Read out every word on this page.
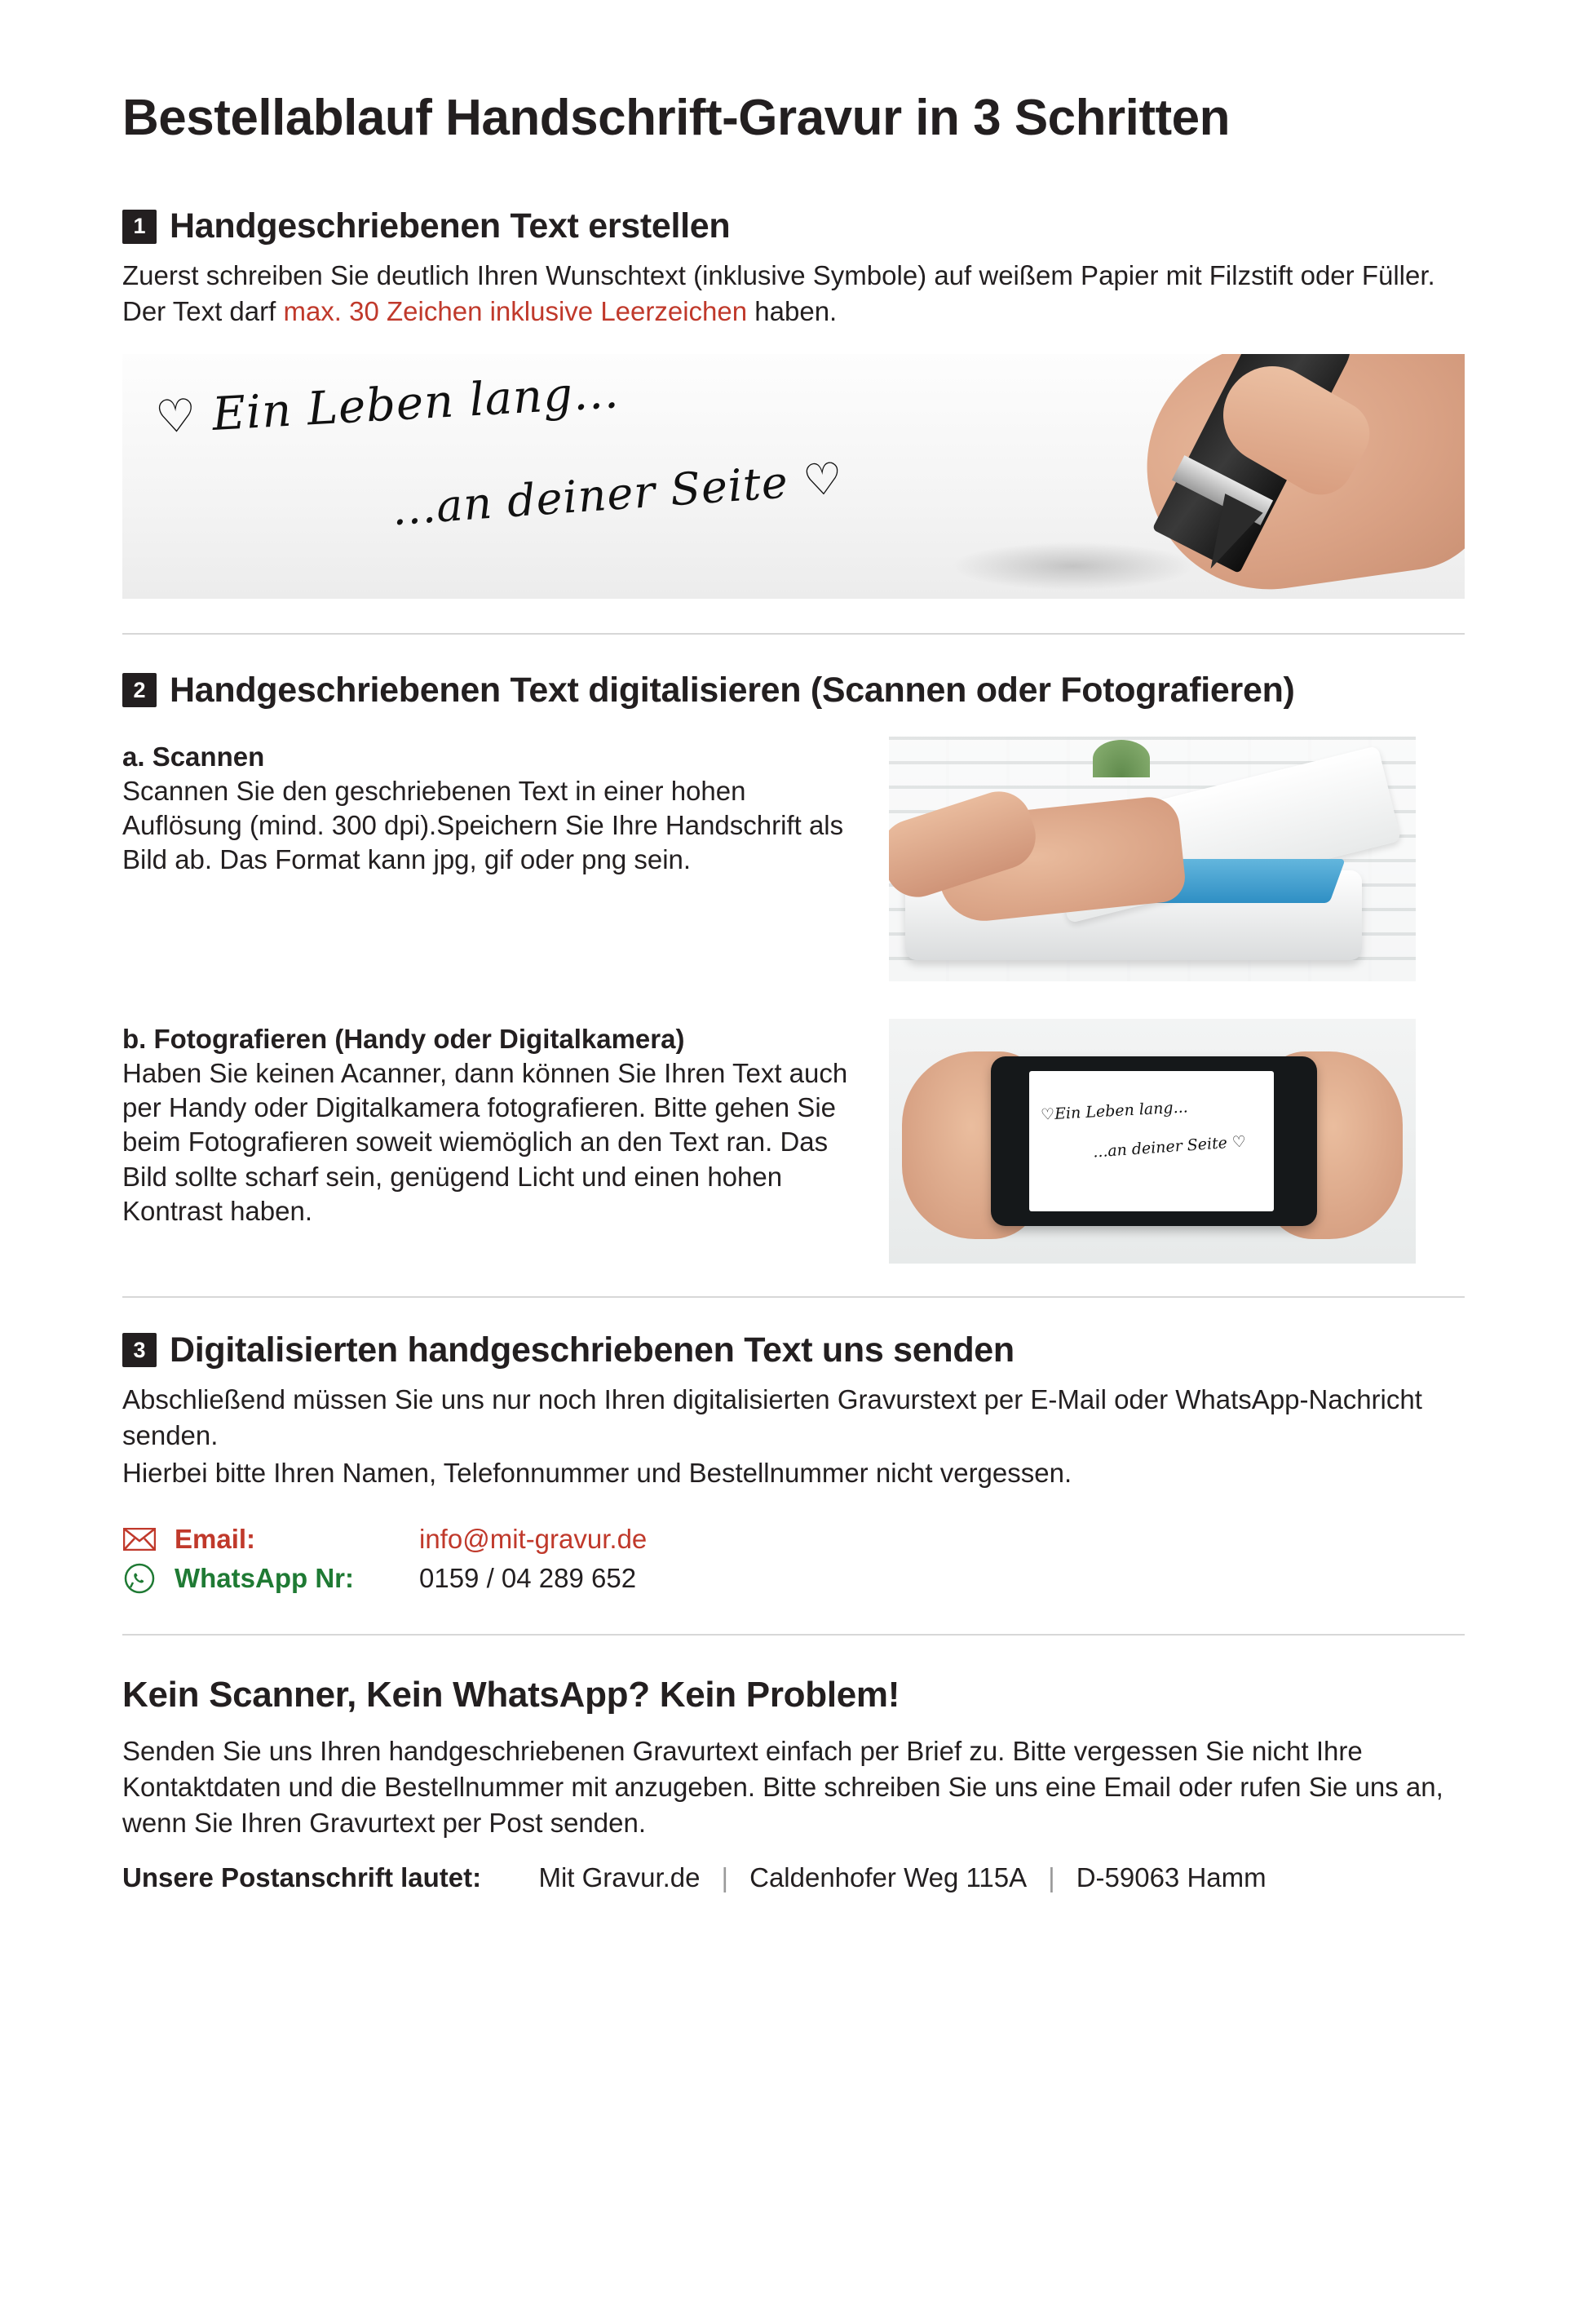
Bestellablauf Handschrift-Gravur in 3 Schritten
1 Handgeschriebenen Text erstellen

Zuerst schreiben Sie deutlich Ihren Wunschtext (inklusive Symbole) auf weißem Papier mit Filzstift oder Füller. Der Text darf max. 30 Zeichen inklusive Leerzeichen haben.

♡ Ein Leben lang...
...an deiner Seite ♡
2 Handgeschriebenen Text digitalisieren (Scannen oder Fotografieren)
a. Scannen

Scannen Sie den geschriebenen Text in einer hohen Auflösung (mind. 300 dpi).Speichern Sie Ihre Handschrift als Bild ab. Das Format kann jpg, gif oder png sein.

b. Fotografieren (Handy oder Digitalkamera)

Haben Sie keinen Acanner, dann können Sie Ihren Text auch per Handy oder Digitalkamera fotografieren. Bitte gehen Sie beim Fotografieren soweit wiemöglich an den Text ran. Das Bild sollte scharf sein, genügend Licht und einen hohen Kontrast haben.

♡Ein Leben lang...
...an deiner Seite ♡
3 Digitalisierten handgeschriebenen Text uns senden

Abschließend müssen Sie uns nur noch Ihren digitalisierten Gravurstext per E-Mail oder WhatsApp-Nachricht senden.

Hierbei bitte Ihren Namen, Telefonnummer und Bestellnummer nicht vergessen.

Email:	info@mit-gravur.de
WhatsApp Nr:	0159 / 04 289 652
Kein Scanner, Kein WhatsApp? Kein Problem!

Senden Sie uns Ihren handgeschriebenen Gravurtext einfach per Brief zu. Bitte vergessen Sie nicht Ihre Kontaktdaten und die Bestellnummer mit anzugeben. Bitte schreiben Sie uns eine Email oder rufen Sie uns an, wenn Sie Ihren Gravurtext per Post senden.

Unsere Postanschrift lautet:
Mit Gravur.de | Caldenhofer Weg 115A | D-59063 Hamm
